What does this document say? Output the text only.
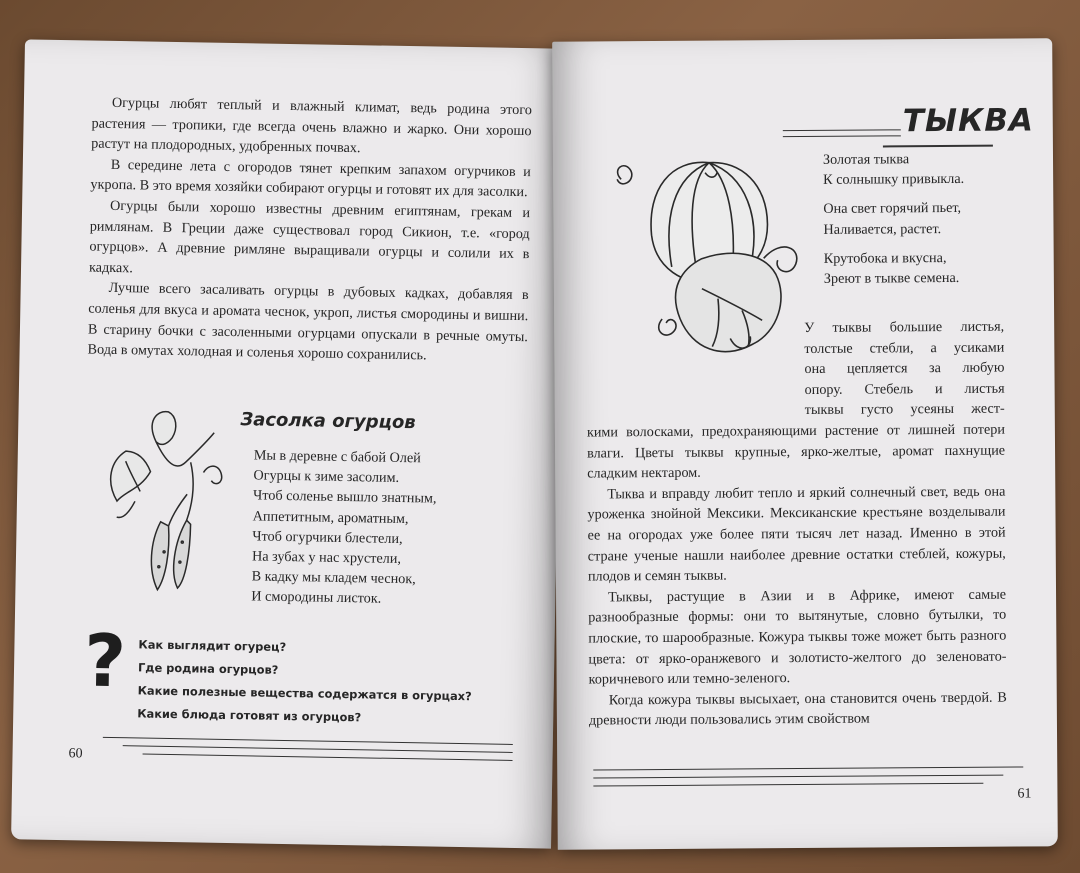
Огурцы любят теплый и влажный климат, ведь родина этого растения — тропики, где всегда очень влажно и жарко. Они хорошо растут на плодородных, удобренных почвах.

В середине лета с огородов тянет крепким запахом огурчиков и укропа. В это время хозяйки собирают огурцы и готовят их для засолки.

Огурцы были хорошо известны древним египтянам, грекам и римлянам. В Греции даже существовал город Сикион, т.е. «город огурцов». А древние римляне выращивали огурцы и солили их в кадках.

Лучше всего засаливать огурцы в дубовых кадках, добавляя в соленья для вкуса и аромата чеснок, укроп, листья смородины и вишни. В старину бочки с засоленными огурцами опускали в речные омуты. Вода в омутах холодная и соленья хорошо сохранились.

Засолка огурцов
Мы в деревне с бабой Олей
Огурцы к зиме засолим.
Чтоб соленье вышло знатным,
Аппетитным, ароматным,
Чтоб огурчики блестели,
На зубах у нас хрустели,
В кадку мы кладем чеснок,
И смородины листок.
? Как выглядит огурец?
Где родина огурцов?
Какие полезные вещества содержатся в огурцах?
Какие блюда готовят из огурцов?
60
ТЫКВА
Золотая тыква
К солнышку привыкла.
Она свет горячий пьет,
Наливается, растет.
Крутобока и вкусна,
Зреют в тыкве семена.
У тыквы большие листья,
толстые стебли, а усиками
она цепляется за любую
опору. Стебель и листья
тыквы густо усеяны жест-

кими волосками, предохраняющими растение от лишней потери влаги. Цветы тыквы крупные, ярко-желтые, аромат пахнущие сладким нектаром.

Тыква и вправду любит тепло и яркий солнечный свет, ведь она уроженка знойной Мексики. Мексиканские крестьяне возделывали ее на огородах уже более пяти тысяч лет назад. Именно в этой стране ученые нашли наиболее древние остатки стеблей, кожуры, плодов и семян тыквы.

Тыквы, растущие в Азии и в Африке, имеют самые разнообразные формы: они то вытянутые, словно бутылки, то плоские, то шарообразные. Кожура тыквы тоже может быть разного цвета: от ярко-оранжевого и золотисто-желтого до зеленовато-коричневого или темно-зеленого.

Когда кожура тыквы высыхает, она становится очень твердой. В древности люди пользовались этим свойством

61
